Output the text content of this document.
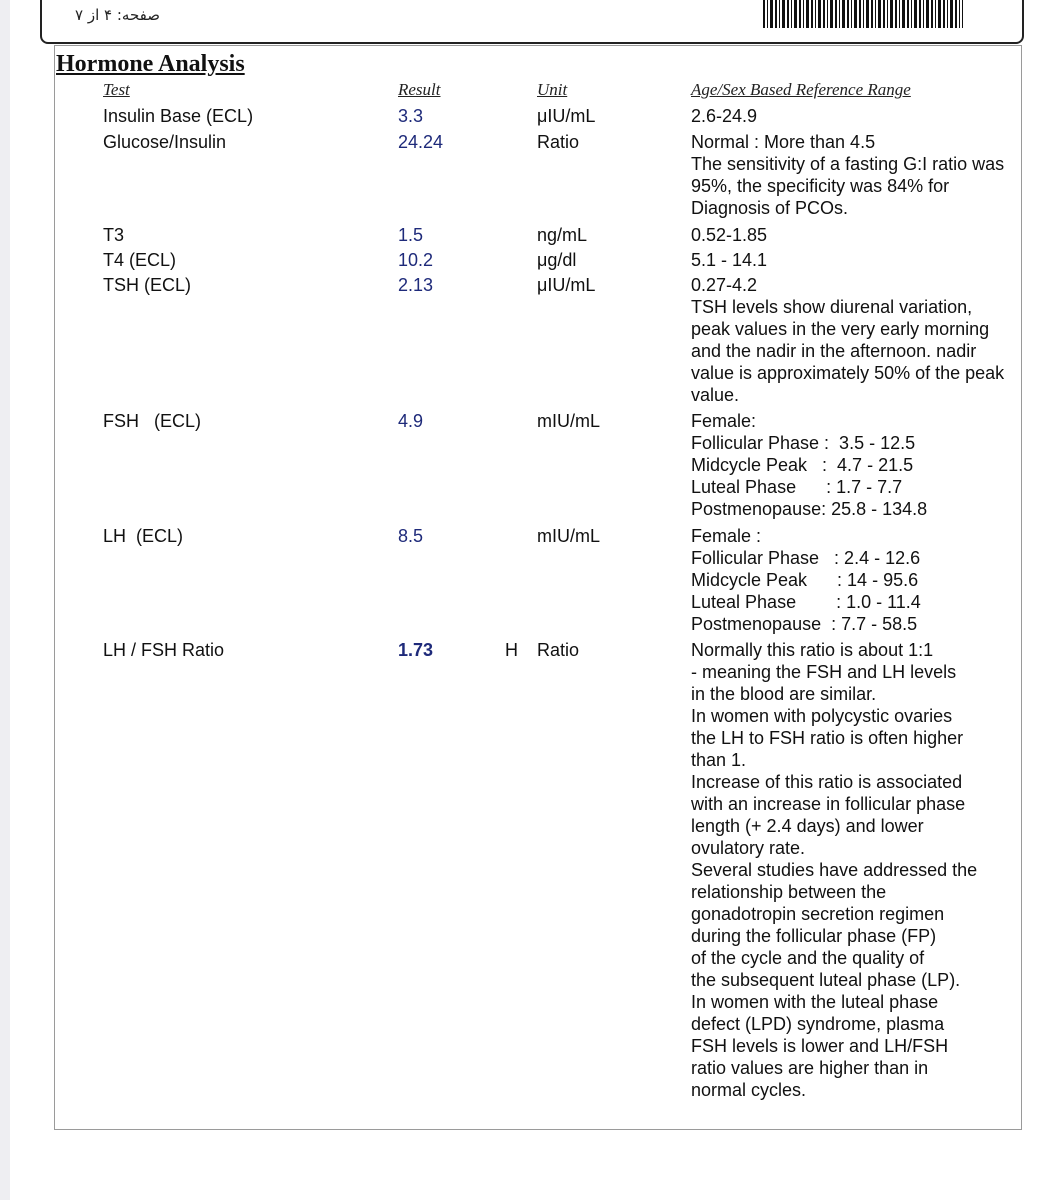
صفحه: ۴ از ۷
Hormone Analysis
Test	Result	Unit	Age/Sex Based Reference Range
Insulin Base (ECL)	3.3	μIU/mL	2.6-24.9
Glucose/Insulin	24.24	Ratio	Normal : More than 4.5
The sensitivity of a fasting G:I ratio was
95%, the specificity was 84% for
Diagnosis of PCOs.
T3	1.5	ng/mL	0.52-1.85
T4 (ECL)	10.2	μg/dl	5.1 - 14.1
TSH (ECL)	2.13	μIU/mL	0.27-4.2
TSH levels show diurenal variation,
peak values in the very early morning
and the nadir in the afternoon. nadir
value is approximately 50% of the peak
value.
FSH   (ECL)	4.9	mIU/mL	Female:
Follicular Phase :  3.5 - 12.5
Midcycle Peak   :  4.7 - 21.5
Luteal Phase      : 1.7 - 7.7
Postmenopause: 25.8 - 134.8
LH  (ECL)	8.5	mIU/mL	Female :
Follicular Phase   : 2.4 - 12.6
Midcycle Peak      : 14 - 95.6
Luteal Phase        : 1.0 - 11.4
Postmenopause  : 7.7 - 58.5
LH / FSH Ratio	1.73	H Ratio	Normally this ratio is about 1:1
- meaning the FSH and LH levels
in the blood are similar.
In women with polycystic ovaries
the LH to FSH ratio is often higher
than 1.
Increase of this ratio is associated
with an increase in follicular phase
length (+ 2.4 days) and lower
ovulatory rate.
Several studies have addressed the
relationship between the
gonadotropin secretion regimen
during the follicular phase (FP)
of the cycle and the quality of
the subsequent luteal phase (LP).
In women with the luteal phase
defect (LPD) syndrome, plasma
FSH levels is lower and LH/FSH
ratio values are higher than in
normal cycles.
